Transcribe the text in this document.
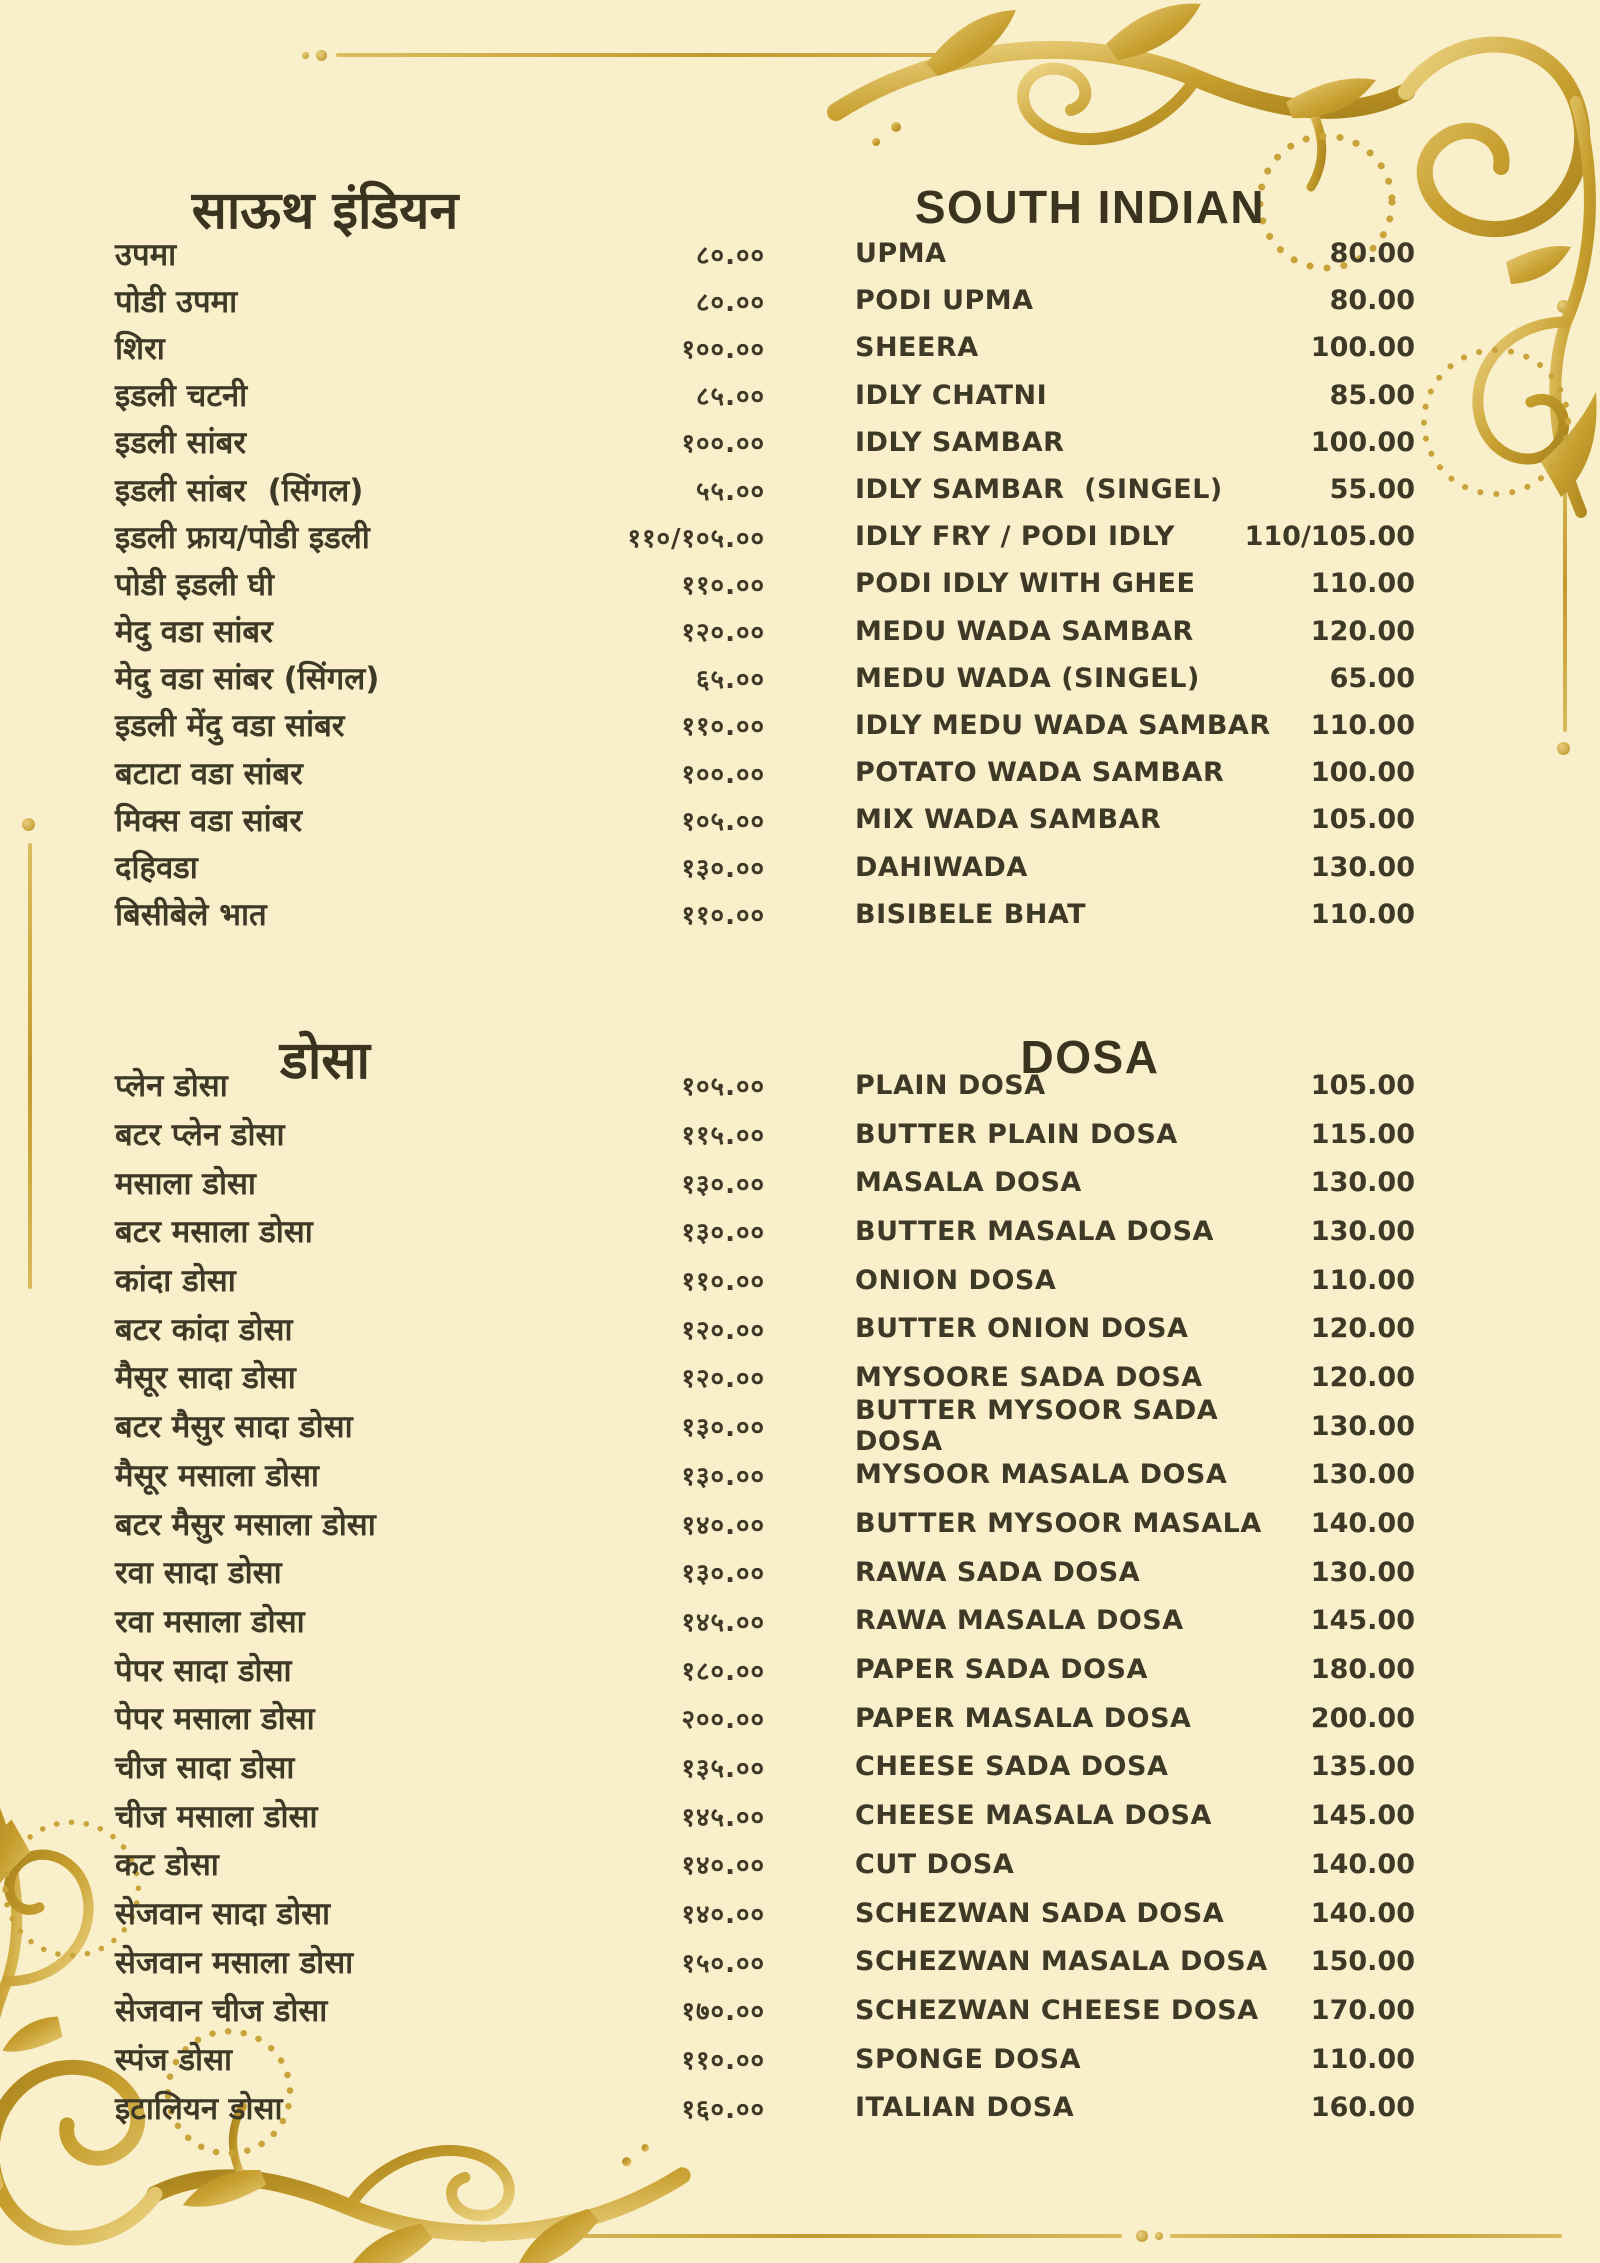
साऊथ इंडियन	SOUTH INDIAN
डोसा	DOSA
उपमा	८०.००
पोडी उपमा	८०.००
शिरा	१००.००
इडली चटनी	८५.००
इडली सांबर	१००.००
इडली सांबर  (सिंगल)	५५.००
इडली फ्राय/पोडी इडली	११०/१०५.००
पोडी इडली घी	११०.००
मेदु वडा सांबर	१२०.००
मेदु वडा सांबर (सिंगल)	६५.००
इडली मेंदु वडा सांबर	११०.००
बटाटा वडा सांबर	१००.००
मिक्स वडा सांबर	१०५.००
दहिवडा	१३०.००
बिसीबेले भात	११०.००
UPMA	80.00
PODI UPMA	80.00
SHEERA	100.00
IDLY CHATNI	85.00
IDLY SAMBAR	100.00
IDLY SAMBAR  (SINGEL)	55.00
IDLY FRY / PODI IDLY	110/105.00
PODI IDLY WITH GHEE	110.00
MEDU WADA SAMBAR	120.00
MEDU WADA (SINGEL)	65.00
IDLY MEDU WADA SAMBAR 110.00
POTATO WADA SAMBAR	100.00
MIX WADA SAMBAR	105.00
DAHIWADA	130.00
BISIBELE BHAT	110.00
प्लेन डोसा	१०५.००
बटर प्लेन डोसा	११५.००
मसाला डोसा	१३०.००
बटर मसाला डोसा	१३०.००
कांदा डोसा	११०.००
बटर कांदा डोसा	१२०.००
मैसूर सादा डोसा	१२०.००
बटर मैसुर सादा डोसा	१३०.००
मैसूर मसाला डोसा	१३०.००
बटर मैसुर मसाला डोसा	१४०.००
रवा सादा डोसा	१३०.००
रवा मसाला डोसा	१४५.००
पेपर सादा डोसा	१८०.००
पेपर मसाला डोसा	२००.००
चीज सादा डोसा	१३५.००
चीज मसाला डोसा	१४५.००
कट डोसा	१४०.००
सेजवान सादा डोसा	१४०.००
सेजवान मसाला डोसा	१५०.००
सेजवान चीज डोसा	१७०.००
स्पंज डोसा	११०.००
इटालियन डोसा	१६०.००
PLAIN DOSA	105.00
BUTTER PLAIN DOSA	115.00
MASALA DOSA	130.00
BUTTER MASALA DOSA	130.00
ONION DOSA	110.00
BUTTER ONION DOSA	120.00
MYSOORE SADA DOSA	120.00
BUTTER MYSOOR SADA DOSA	130.00
MYSOOR MASALA DOSA	130.00
BUTTER MYSOOR MASALA 140.00
RAWA SADA DOSA	130.00
RAWA MASALA DOSA	145.00
PAPER SADA DOSA	180.00
PAPER MASALA DOSA	200.00
CHEESE SADA DOSA	135.00
CHEESE MASALA DOSA	145.00
CUT DOSA	140.00
SCHEZWAN SADA DOSA	140.00
SCHEZWAN MASALA DOSA 150.00
SCHEZWAN CHEESE DOSA 170.00
SPONGE DOSA	110.00
ITALIAN DOSA	160.00
